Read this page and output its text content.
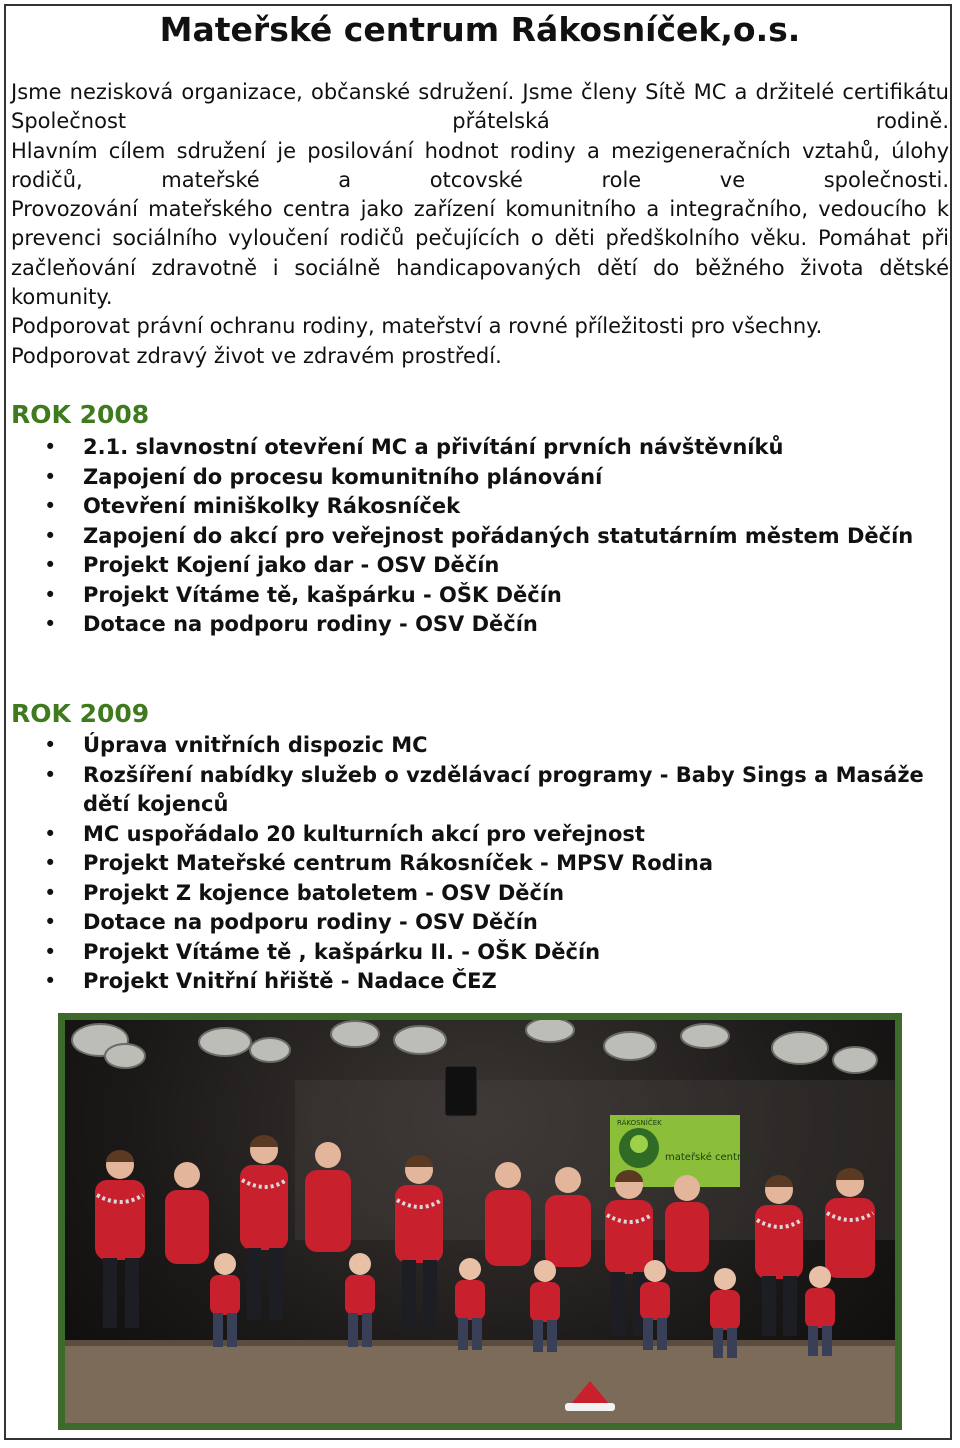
Mateřské centrum Rákosníček,o.s.

Jsme nezisková organizace, občanské sdružení. Jsme členy Sítě MC a držitelé certifikátu Společnost přátelská rodině.

Hlavním cílem sdružení je posilování hodnot rodiny a mezigeneračních vztahů, úlohy rodičů, mateřské a otcovské role ve společnosti.

Provozování mateřského centra jako zařízení komunitního a integračního, vedoucího k prevenci sociálního vyloučení rodičů pečujících o děti předškolního věku. Pomáhat při začleňování zdravotně i sociálně handicapovaných dětí do běžného života dětské komunity.

Podporovat právní ochranu rodiny, mateřství a rovné příležitosti pro všechny.

Podporovat zdravý život ve zdravém prostředí.

ROK 2008
• 2.1. slavnostní otevření MC a přivítání prvních návštěvníků
• Zapojení do procesu komunitního plánování
• Otevření miniškolky Rákosníček
• Zapojení do akcí pro veřejnost pořádaných statutárním městem Děčín
• Projekt Kojení jako dar - OSV Děčín
• Projekt Vítáme tě, kašpárku - OŠK Děčín
• Dotace na podporu rodiny - OSV Děčín
ROK 2009
• Úprava vnitřních dispozic MC
• Rozšíření nabídky služeb o vzdělávací programy - Baby Sings a Masáže dětí kojenců
• MC uspořádalo 20 kulturních akcí pro veřejnost
• Projekt Mateřské centrum Rákosníček - MPSV Rodina
• Projekt Z kojence batoletem - OSV Děčín
• Dotace na podporu rodiny - OSV Děčín
• Projekt Vítáme tě , kašpárku II. - OŠK Děčín
• Projekt Vnitřní hřiště - Nadace ČEZ
RÁKOSNÍČEK
mateřské centrum
